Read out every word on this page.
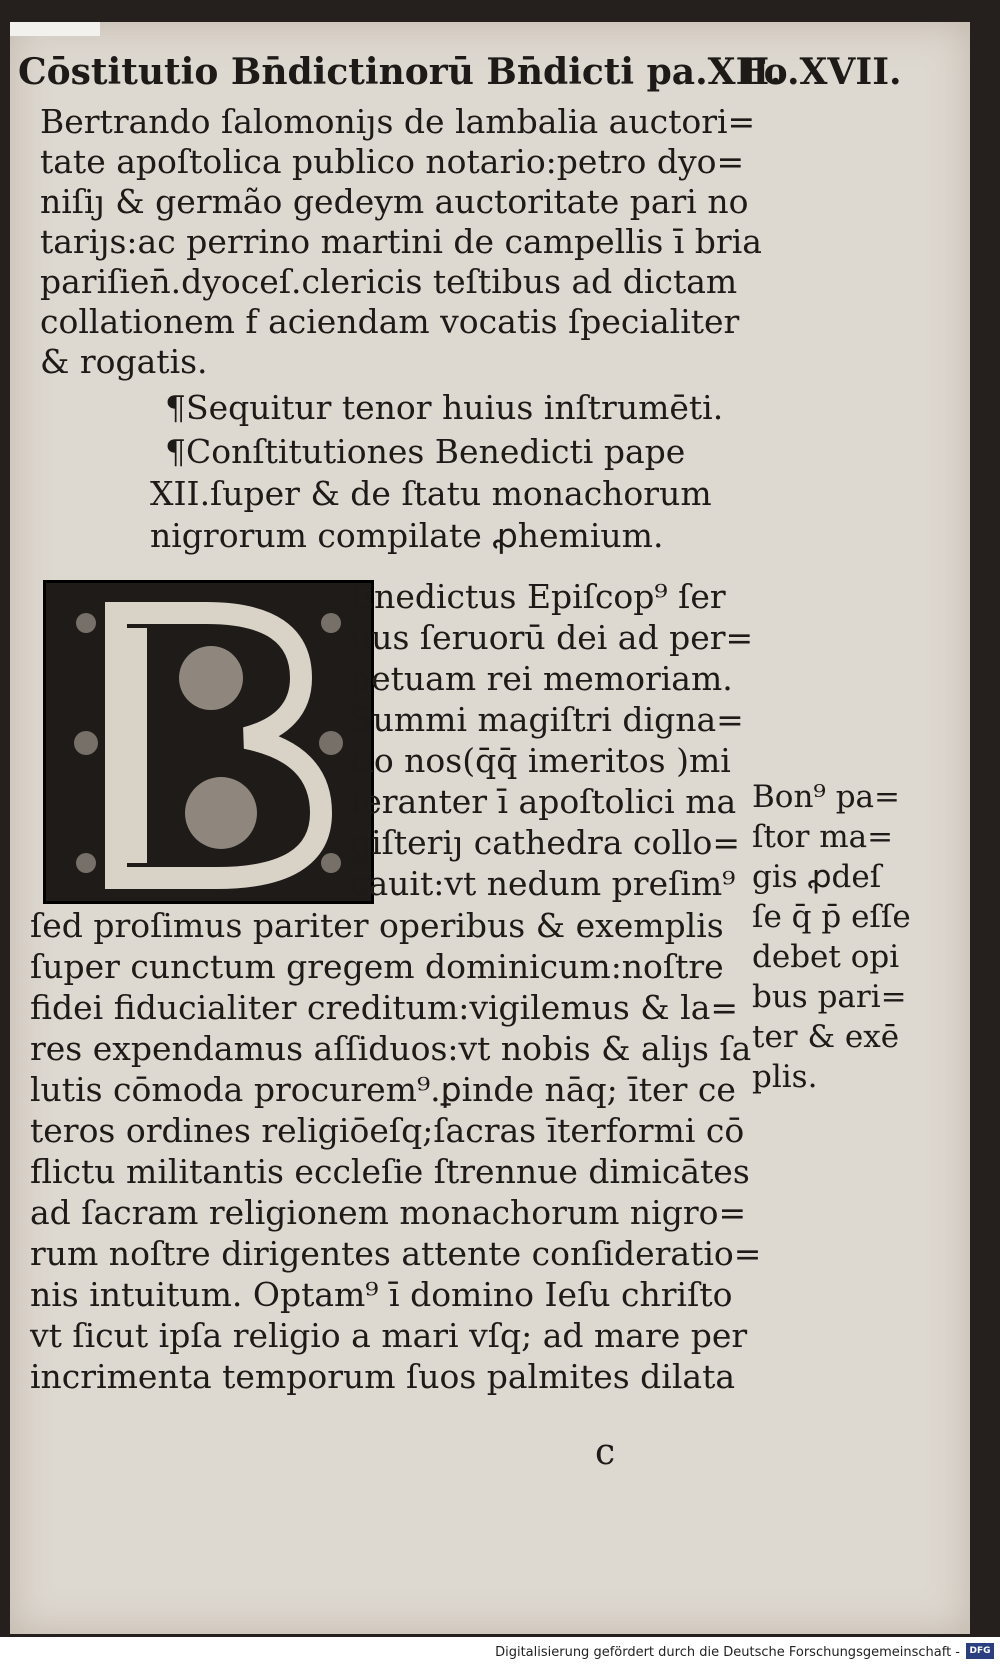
Cōstitutio Bn̄dictinorū Bn̄dicti pa.XII.
Fo.XVII.
Bertrando ſalomoniȷs de lambalia auctori=
tate apoſtolica publico notario:petro dyo=
niſiȷ & germão gedeym auctoritate pari no
tariȷs:ac perrino martini de campellis ī bria
pariſien̄.dyoceſ.clericis teſtibus ad dictam
collationem f aciendam vocatis ſpecialiter
& rogatis.
¶Sequitur tenor huius inſtrumēti.
¶Conſtitutiones Benedicti pape
XII.ſuper & de ſtatu monachorum
nigrorum compilate ꝓhemium.
Enedictus Epiſcop⁹ ſer
uus ſeruorū dei ad per=
petuam rei memoriam.
Summi magiſtri digna=
tio nos(q̄q̄ imeritos )mi
ſeranter ī apoſtolici ma
giſteriȷ cathedra collo=
cauit:vt nedum preſim⁹
ſed proſimus pariter operibus & exemplis
ſuper cunctum gregem dominicum:noſtre
fidei fiducialiter creditum:vigilemus & la=
res expendamus aſſiduos:vt nobis & aliȷs ſa
lutis cōmoda procurem⁹.ꝑinde nāq; īter ce
teros ordines religiōeſq;ſacras īterformi cō
flictu militantis eccleſie ſtrennue dimicātes
ad ſacram religionem monachorum nigro=
rum noſtre dirigentes attente conſideratio=
nis intuitum. Optam⁹ ī domino Ieſu chriſto
vt ſicut ipſa religio a mari vſq; ad mare per
incrimenta temporum ſuos palmites dilata
Bon⁹ pa=
ſtor ma=
gis ꝓdeſ
ſe q̄ p̄ eſſe
debet opi
bus pari=
ter & exē
plis.
c
Digitalisierung gefördert durch die Deutsche Forschungsgemeinschaft -	DFG
